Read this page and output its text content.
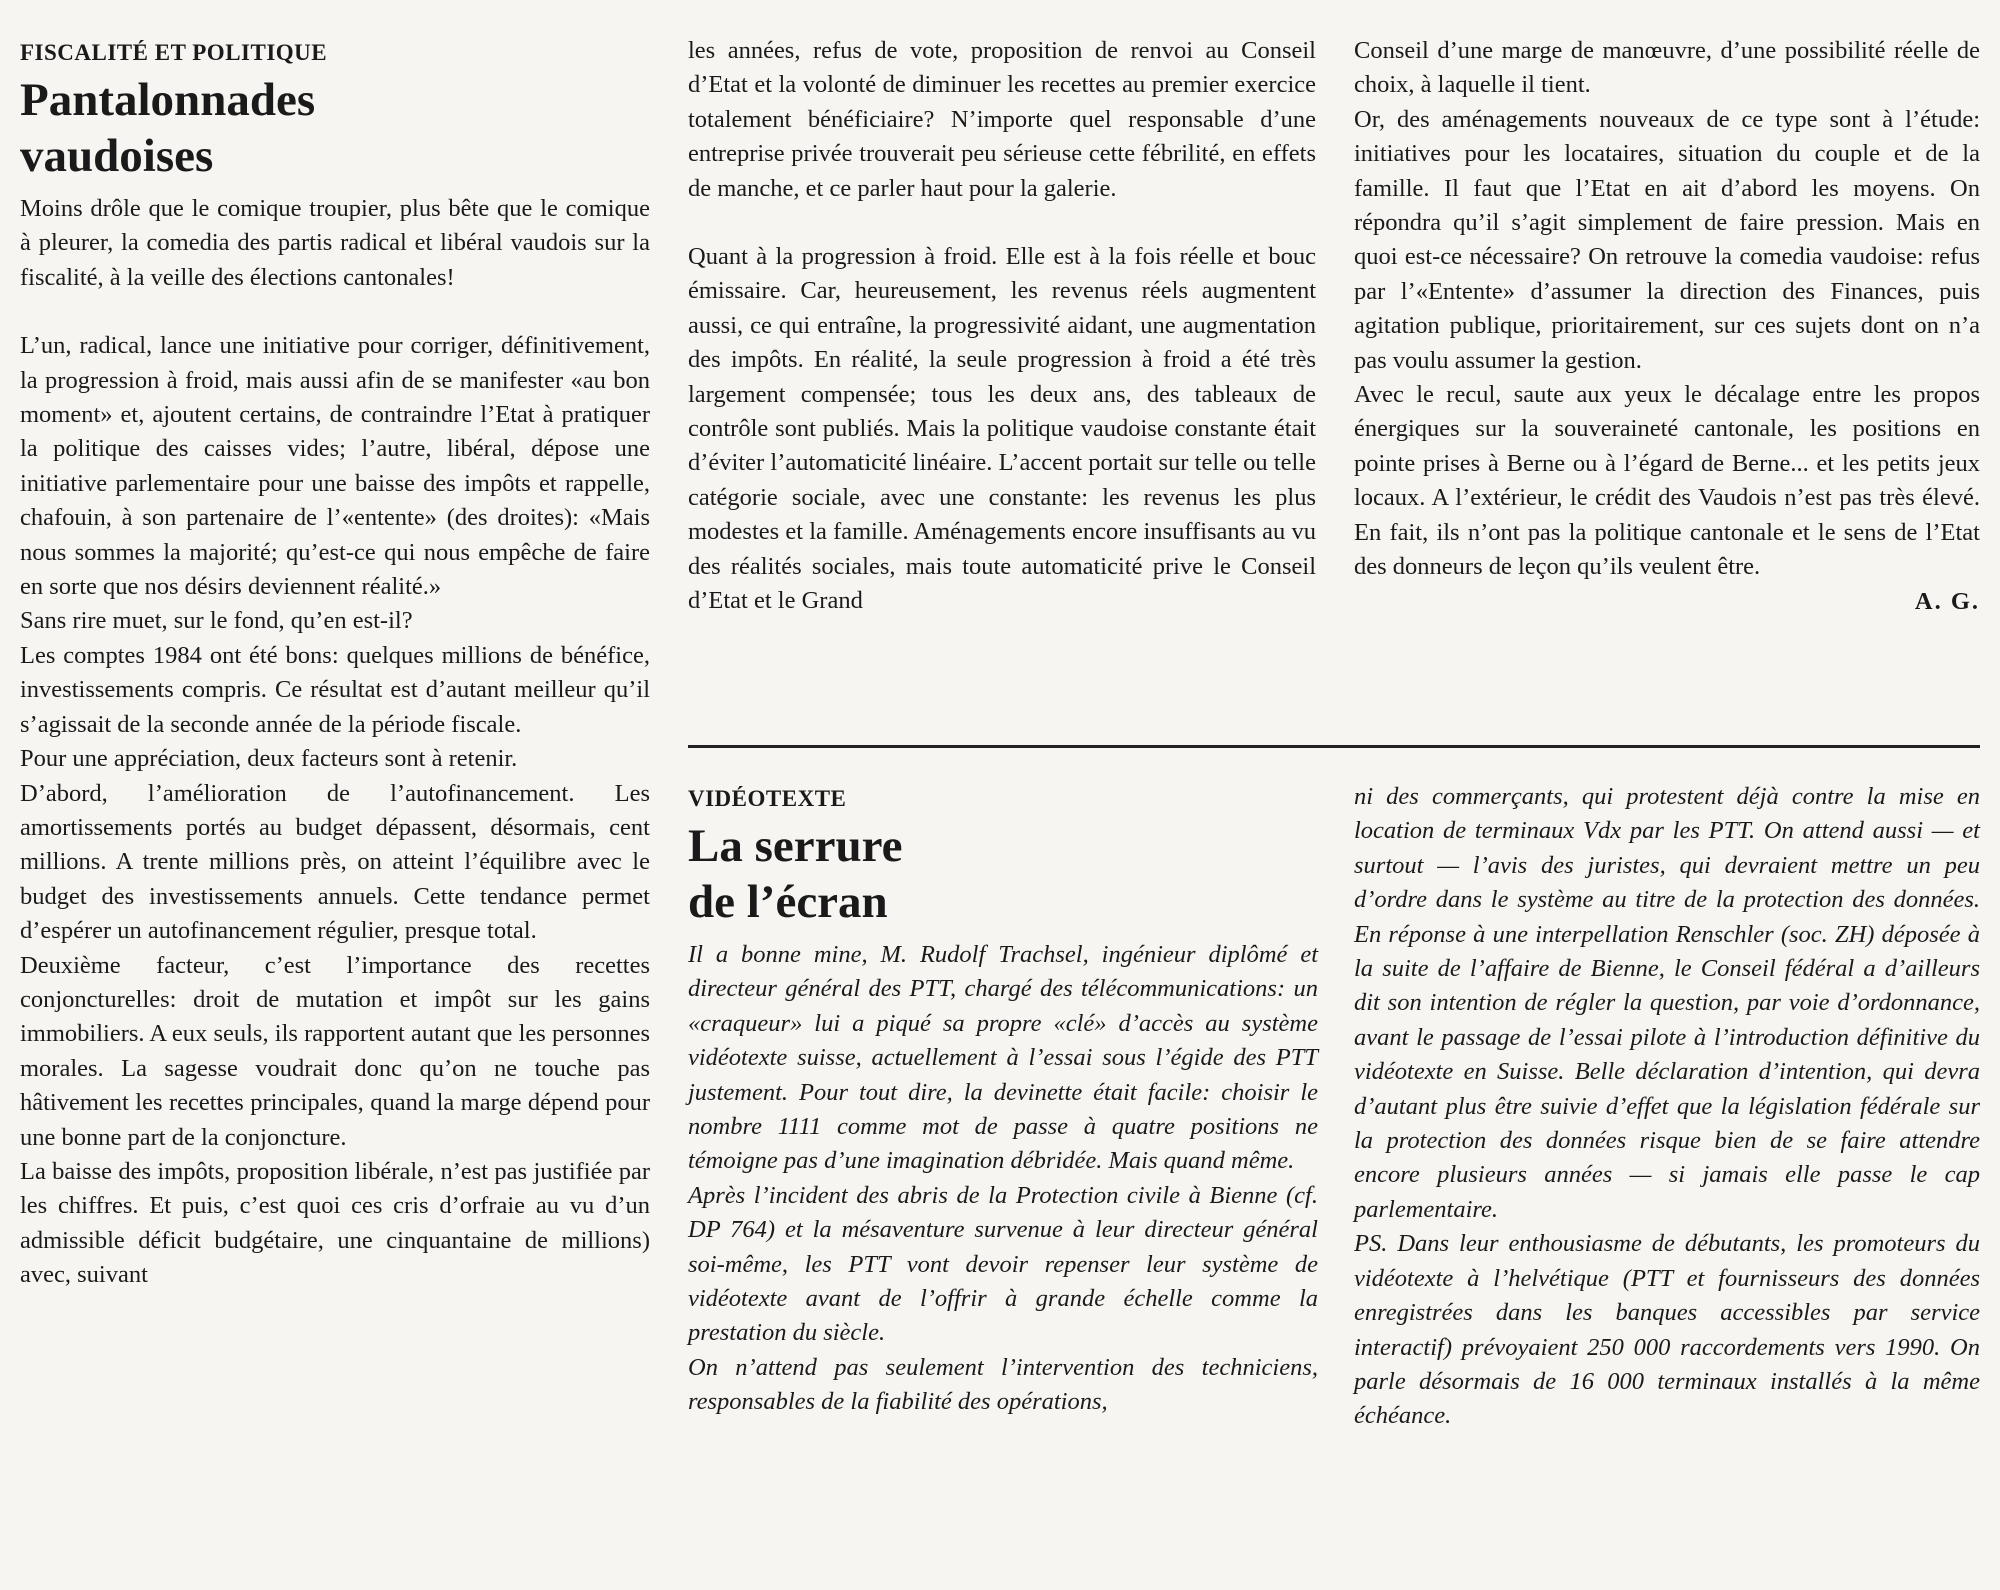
FISCALITÉ ET POLITIQUE
Pantalonnades
vaudoises

Moins drôle que le comique troupier, plus bête que le comique à pleurer, la comedia des partis radical et libéral vaudois sur la fiscalité, à la veille des élections cantonales!

L’un, radical, lance une initiative pour corriger, définitivement, la progression à froid, mais aussi afin de se manifester «au bon moment» et, ajoutent certains, de contraindre l’Etat à pratiquer la politique des caisses vides; l’autre, libéral, dépose une initiative parlementaire pour une baisse des impôts et rappelle, chafouin, à son partenaire de l’«entente» (des droites): «Mais nous sommes la majorité; qu’est-ce qui nous empêche de faire en sorte que nos désirs deviennent réalité.»

Sans rire muet, sur le fond, qu’en est-il?

Les comptes 1984 ont été bons: quelques millions de bénéfice, investissements compris. Ce résultat est d’autant meilleur qu’il s’agissait de la seconde année de la période fiscale.

Pour une appréciation, deux facteurs sont à retenir.

D’abord, l’amélioration de l’autofinancement. Les amortissements portés au budget dépassent, désormais, cent millions. A trente millions près, on atteint l’équilibre avec le budget des investissements annuels. Cette tendance permet d’espérer un autofinancement régulier, presque total.

Deuxième facteur, c’est l’importance des recettes conjoncturelles: droit de mutation et impôt sur les gains immobiliers. A eux seuls, ils rapportent autant que les personnes morales. La sagesse voudrait donc qu’on ne touche pas hâtivement les recettes principales, quand la marge dépend pour une bonne part de la conjoncture.

La baisse des impôts, proposition libérale, n’est pas justifiée par les chiffres. Et puis, c’est quoi ces cris d’orfraie au vu d’un admissible déficit budgétaire, une cinquantaine de millions) avec, suivant

les années, refus de vote, proposition de renvoi au Conseil d’Etat et la volonté de diminuer les recettes au premier exercice totalement bénéficiaire? N’importe quel responsable d’une entreprise privée trouverait peu sérieuse cette fébrilité, en effets de manche, et ce parler haut pour la galerie.

Quant à la progression à froid. Elle est à la fois réelle et bouc émissaire. Car, heureusement, les revenus réels augmentent aussi, ce qui entraîne, la progressivité aidant, une augmentation des impôts. En réalité, la seule progression à froid a été très largement compensée; tous les deux ans, des tableaux de contrôle sont publiés. Mais la politique vaudoise constante était d’éviter l’automaticité linéaire. L’accent portait sur telle ou telle catégorie sociale, avec une constante: les revenus les plus modestes et la famille. Aménagements encore insuffisants au vu des réalités sociales, mais toute automaticité prive le Conseil d’Etat et le Grand

Conseil d’une marge de manœuvre, d’une possibilité réelle de choix, à laquelle il tient.

Or, des aménagements nouveaux de ce type sont à l’étude: initiatives pour les locataires, situation du couple et de la famille. Il faut que l’Etat en ait d’abord les moyens. On répondra qu’il s’agit simplement de faire pression. Mais en quoi est-ce nécessaire? On retrouve la comedia vaudoise: refus par l’«Entente» d’assumer la direction des Finances, puis agitation publique, prioritairement, sur ces sujets dont on n’a pas voulu assumer la gestion.

Avec le recul, saute aux yeux le décalage entre les propos énergiques sur la souveraineté cantonale, les positions en pointe prises à Berne ou à l’égard de Berne... et les petits jeux locaux. A l’extérieur, le crédit des Vaudois n’est pas très élevé. En fait, ils n’ont pas la politique cantonale et le sens de l’Etat des donneurs de leçon qu’ils veulent être.

A. G.

VIDÉOTEXTE
La serrure
de l’écran

Il a bonne mine, M. Rudolf Trachsel, ingénieur diplômé et directeur général des PTT, chargé des télécommunications: un «craqueur» lui a piqué sa propre «clé» d’accès au système vidéotexte suisse, actuellement à l’essai sous l’égide des PTT justement. Pour tout dire, la devinette était facile: choisir le nombre 1111 comme mot de passe à quatre positions ne témoigne pas d’une imagination débridée. Mais quand même.

Après l’incident des abris de la Protection civile à Bienne (cf. DP 764) et la mésaventure survenue à leur directeur général soi-même, les PTT vont devoir repenser leur système de vidéotexte avant de l’offrir à grande échelle comme la prestation du siècle.

On n’attend pas seulement l’intervention des techniciens, responsables de la fiabilité des opérations,

ni des commerçants, qui protestent déjà contre la mise en location de terminaux Vdx par les PTT. On attend aussi — et surtout — l’avis des juristes, qui devraient mettre un peu d’ordre dans le système au titre de la protection des données. En réponse à une interpellation Renschler (soc. ZH) déposée à la suite de l’affaire de Bienne, le Conseil fédéral a d’ailleurs dit son intention de régler la question, par voie d’ordonnance, avant le passage de l’essai pilote à l’introduction définitive du vidéotexte en Suisse. Belle déclaration d’intention, qui devra d’autant plus être suivie d’effet que la législation fédérale sur la protection des données risque bien de se faire attendre encore plusieurs années — si jamais elle passe le cap parlementaire.

PS. Dans leur enthousiasme de débutants, les promoteurs du vidéotexte à l’helvétique (PTT et fournisseurs des données enregistrées dans les banques accessibles par service interactif) prévoyaient 250 000 raccordements vers 1990. On parle désormais de 16 000 terminaux installés à la même échéance.
